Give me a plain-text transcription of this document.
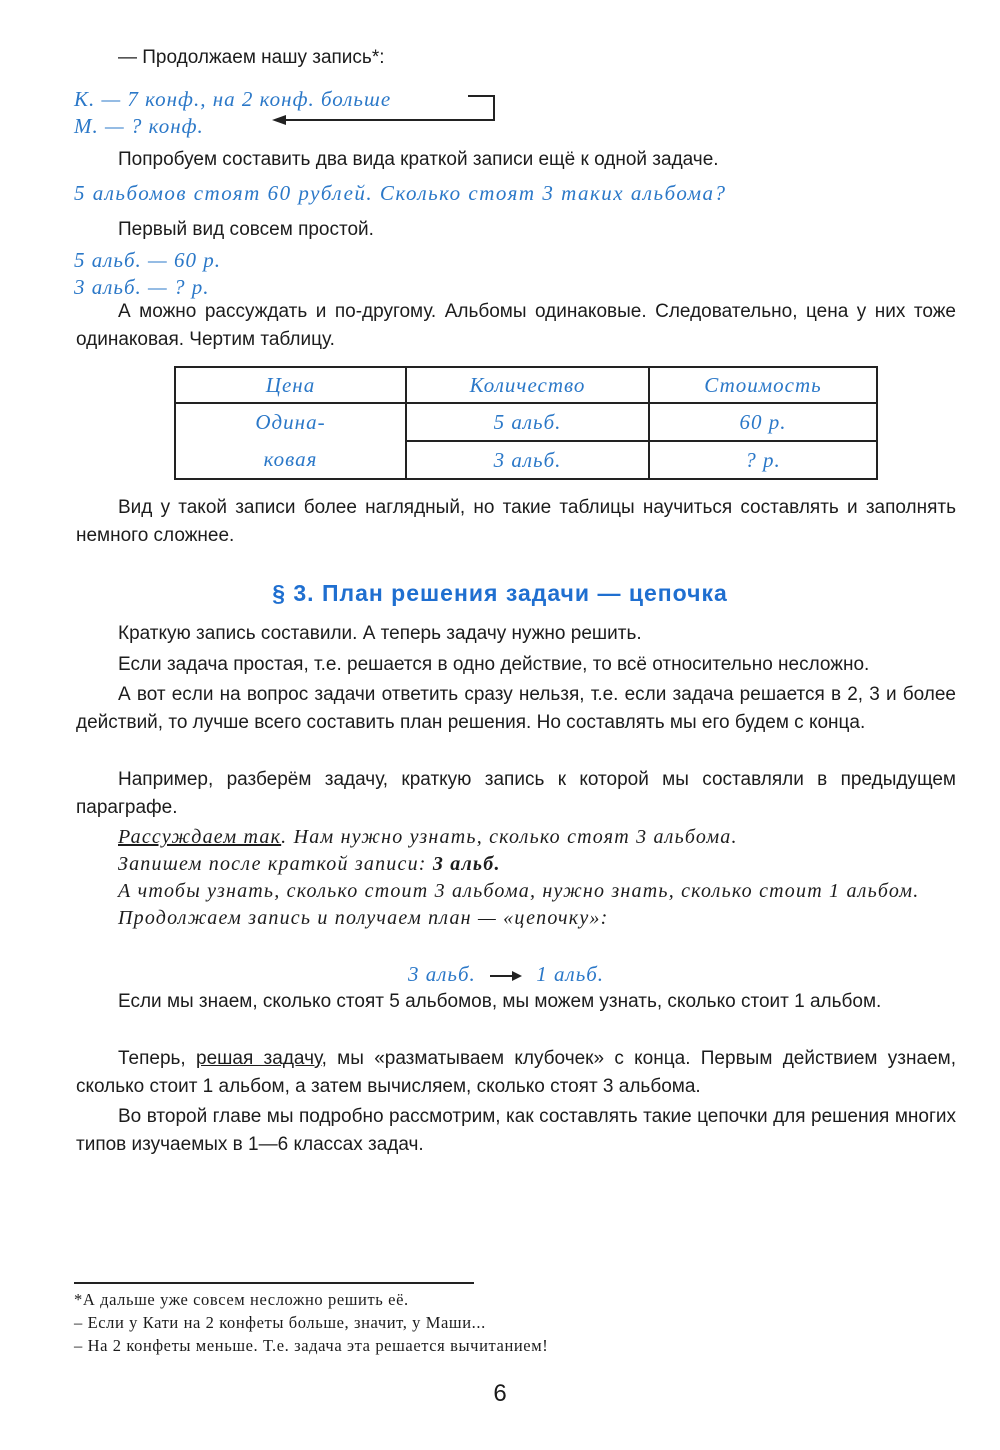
— Продолжаем нашу запись*:

К. — 7 конф., на 2 конф. больше
М. — ? конф.

Попробуем составить два вида краткой записи ещё к одной задаче.

5 альбомов стоят 60 рублей. Сколько стоят 3 таких альбома?

Первый вид совсем простой.

5 альб. — 60 р.
3 альб. — ? р.

А можно рассуждать и по-другому. Альбомы одинаковые. Следовательно, цена у них тоже одинаковая. Чертим таблицу.

Цена	Количество	Стоимость
Одина-	5 альб.	60 р.
ковая	3 альб.	? р.

Вид у такой записи более наглядный, но такие таблицы научиться составлять и заполнять немного сложнее.

§ 3. План решения задачи — цепочка

Краткую запись составили. А теперь задачу нужно решить.

Если задача простая, т.е. решается в одно действие, то всё относительно несложно.

А вот если на вопрос задачи ответить сразу нельзя, т.е. если задача решается в 2, 3 и более действий, то лучше всего составить план решения. Но составлять мы его будем с конца.

Например, разберём задачу, краткую запись к которой мы составляли в предыдущем параграфе.

Рассуждаем так. Нам нужно узнать, сколько стоят 3 альбома.
Запишем после краткой записи: 3 альб.
А чтобы узнать, сколько стоит 3 альбома, нужно знать, сколько стоит 1 альбом.
Продолжаем запись и получаем план — «цепочку»:
3 альб.	1 альб.

Если мы знаем, сколько стоят 5 альбомов, мы можем узнать, сколько стоит 1 альбом.

Теперь, решая задачу, мы «разматываем клубочек» с конца. Первым действием узнаем, сколько стоит 1 альбом, а затем вычисляем, сколько стоят 3 альбома.

Во второй главе мы подробно рассмотрим, как составлять такие цепочки для решения многих типов изучаемых в 1—6 классах задач.

*А дальше уже совсем несложно решить её.
– Если у Кати на 2 конфеты больше, значит, у Маши...
– На 2 конфеты меньше. Т.е. задача эта решается вычитанием!
6
